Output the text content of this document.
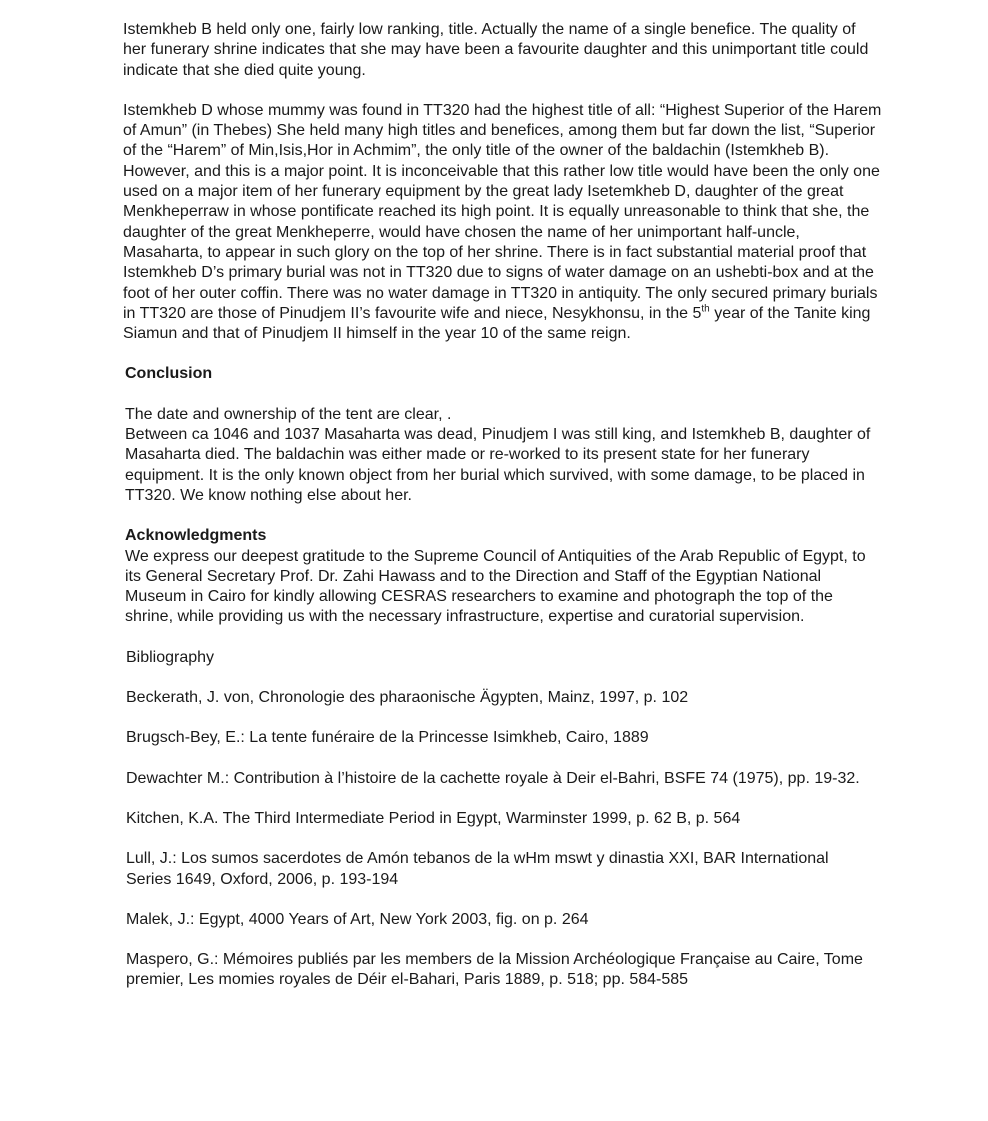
Istemkheb B held only one, fairly low ranking, title. Actually the name of a single benefice. The quality of her funerary shrine indicates that she may have been a favourite daughter and this unimportant title could indicate that she died quite young.

Istemkheb D whose mummy was found in TT320 had the highest title of all: “Highest Superior of the Harem of Amun” (in Thebes) She held many high titles and benefices, among them but far down the list, “Superior of the “Harem” of Min,Isis,Hor in Achmim”, the only title of the owner of the baldachin (Istemkheb B). However, and this is a major point. It is inconceivable that this rather low title would have been the only one used on a major item of her funerary equipment by the great lady Isetemkheb D, daughter of the great Menkheperraw in whose pontificate reached its high point. It is equally unreasonable to think that she, the daughter of the great Menkheperre, would have chosen the name of her unimportant half-uncle, Masaharta, to appear in such glory on the top of her shrine. There is in fact substantial material proof that Istemkheb D’s primary burial was not in TT320 due to signs of water damage on an ushebti-box and at the foot of her outer coffin. There was no water damage in TT320 in antiquity. The only secured primary burials in TT320 are those of Pinudjem II’s favourite wife and niece, Nesykhonsu, in the 5th year of the Tanite king Siamun and that of Pinudjem II himself in the year 10 of the same reign.

Conclusion

The date and ownership of the tent are clear, .

Between ca 1046 and 1037 Masaharta was dead, Pinudjem I was still king, and Istemkheb B, daughter of Masaharta died. The baldachin was either made or re-worked to its present state for her funerary equipment. It is the only known object from her burial which survived, with some damage, to be placed in TT320. We know nothing else about her.

Acknowledgments

We express our deepest gratitude to the Supreme Council of Antiquities of the Arab Republic of Egypt, to its General Secretary Prof. Dr. Zahi Hawass and to the Direction and Staff of the Egyptian National Museum in Cairo for kindly allowing CESRAS researchers to examine and photograph the top of the shrine, while providing us with the necessary infrastructure, expertise and curatorial supervision.

Bibliography

Beckerath, J. von, Chronologie des pharaonische Ägypten, Mainz, 1997, p. 102
Brugsch-Bey, E.: La tente funéraire de la Princesse Isimkheb, Cairo, 1889
Dewachter M.: Contribution à l’histoire de la cachette royale à Deir el-Bahri, BSFE 74 (1975), pp. 19-32.
Kitchen, K.A. The Third Intermediate Period in Egypt, Warminster 1999, p. 62 B, p. 564
Lull, J.: Los sumos sacerdotes de Amón tebanos de la wHm mswt y dinastia XXI, BAR International Series 1649, Oxford, 2006, p. 193-194
Malek, J.: Egypt, 4000 Years of Art, New York 2003, fig. on p. 264
Maspero, G.: Mémoires publiés par les members de la Mission Archéologique Française au Caire, Tome premier, Les momies royales de Déir el-Bahari, Paris 1889, p. 518; pp. 584-585
